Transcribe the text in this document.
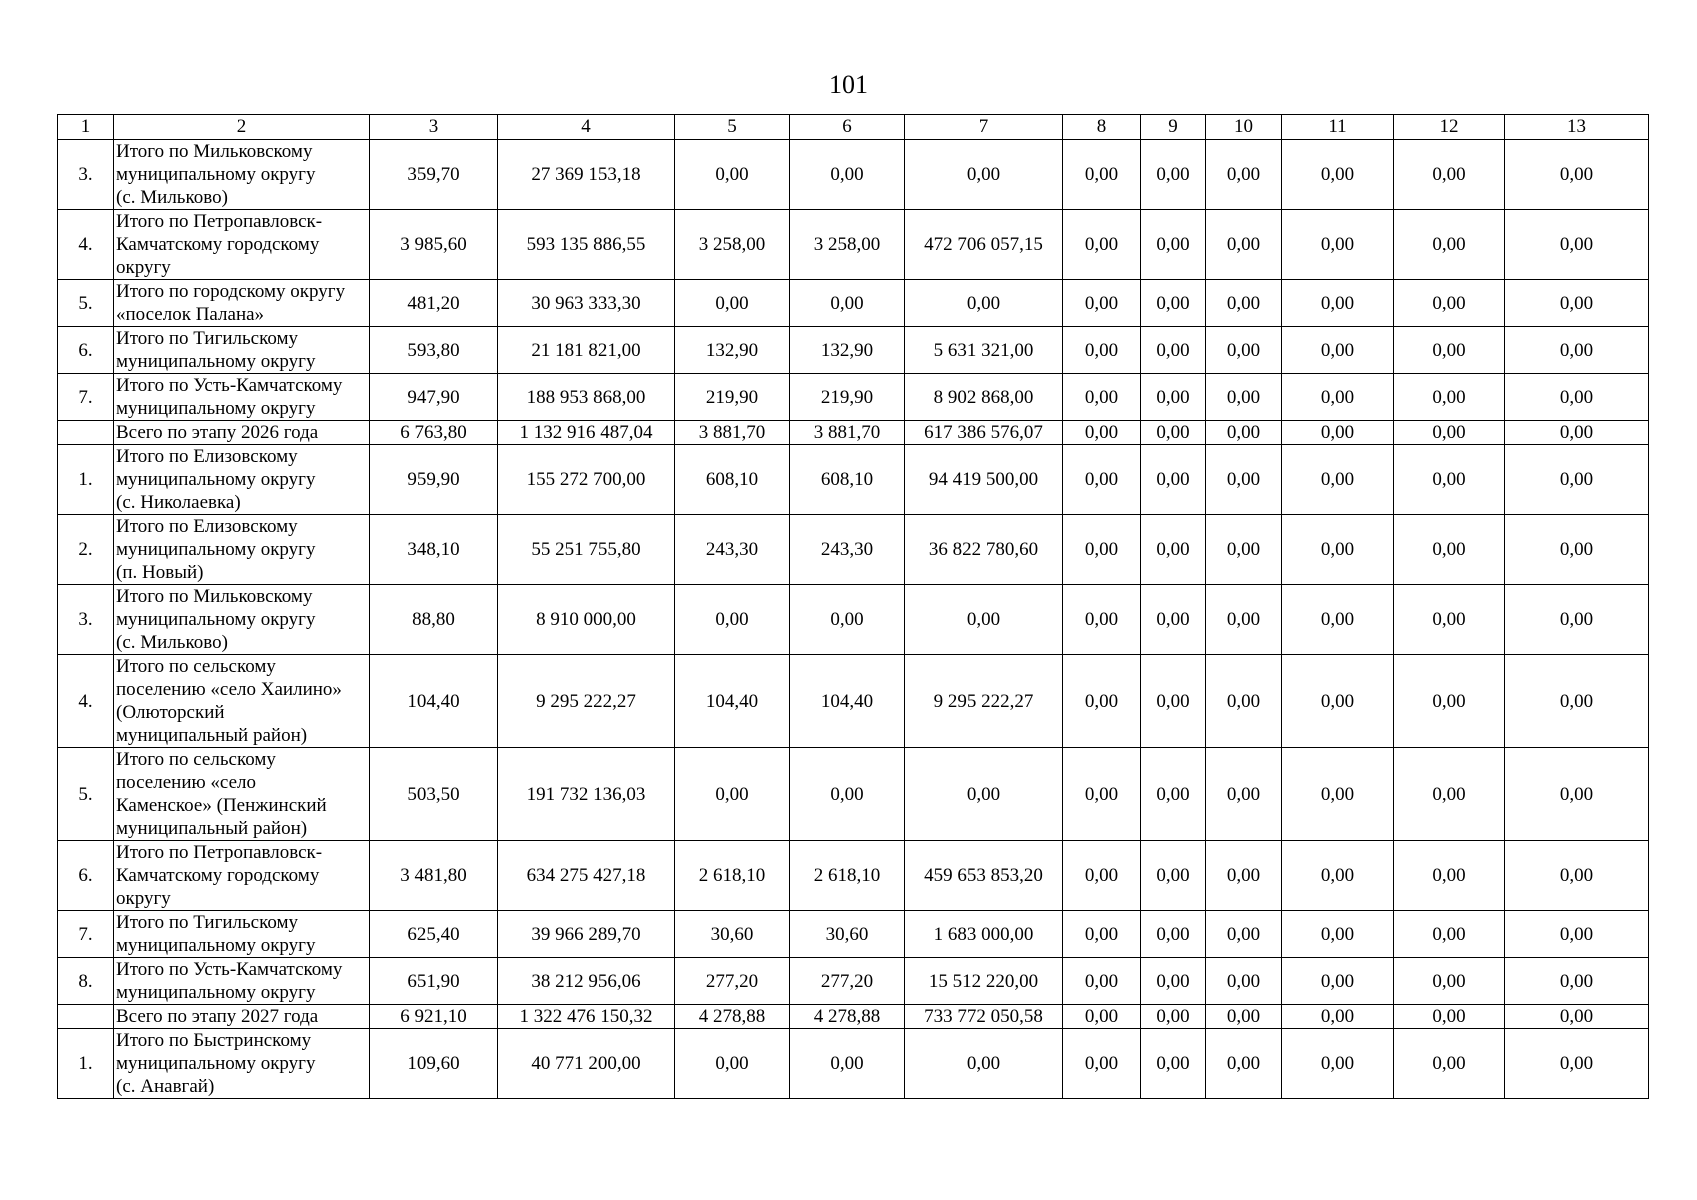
101
1	2	3	4	5	6	7	8	9	10	11	12	13
3.	Итого по Мильковскому
муниципальному округу
(с. Мильково)	359,70	27 369 153,18	0,00	0,00	0,00	0,00	0,00	0,00	0,00	0,00	0,00
4.	Итого по Петропавловск-
Камчатскому городскому
округу	3 985,60	593 135 886,55	3 258,00	3 258,00	472 706 057,15	0,00	0,00	0,00	0,00	0,00	0,00
5.	Итого по городскому округу
«поселок Палана»	481,20	30 963 333,30	0,00	0,00	0,00	0,00	0,00	0,00	0,00	0,00	0,00
6.	Итого по Тигильскому
муниципальному округу	593,80	21 181 821,00	132,90	132,90	5 631 321,00	0,00	0,00	0,00	0,00	0,00	0,00
7.	Итого по Усть-Камчатскому
муниципальному округу	947,90	188 953 868,00	219,90	219,90	8 902 868,00	0,00	0,00	0,00	0,00	0,00	0,00

	Всего по этапу 2026 года	6 763,80	1 132 916 487,04	3 881,70	3 881,70	617 386 576,07	0,00	0,00	0,00	0,00	0,00	0,00
1.	Итого по Елизовскому
муниципальному округу
(с. Николаевка)	959,90	155 272 700,00	608,10	608,10	94 419 500,00	0,00	0,00	0,00	0,00	0,00	0,00
2.	Итого по Елизовскому
муниципальному округу
(п. Новый)	348,10	55 251 755,80	243,30	243,30	36 822 780,60	0,00	0,00	0,00	0,00	0,00	0,00
3.	Итого по Мильковскому
муниципальному округу
(с. Мильково)	88,80	8 910 000,00	0,00	0,00	0,00	0,00	0,00	0,00	0,00	0,00	0,00
4.	Итого по сельскому
поселению «село Хаилино»
(Олюторский
муниципальный район)	104,40	9 295 222,27	104,40	104,40	9 295 222,27	0,00	0,00	0,00	0,00	0,00	0,00
5.	Итого по сельскому
поселению «село
Каменское» (Пенжинский
муниципальный район)	503,50	191 732 136,03	0,00	0,00	0,00	0,00	0,00	0,00	0,00	0,00	0,00
6.	Итого по Петропавловск-
Камчатскому городскому
округу	3 481,80	634 275 427,18	2 618,10	2 618,10	459 653 853,20	0,00	0,00	0,00	0,00	0,00	0,00
7.	Итого по Тигильскому
муниципальному округу	625,40	39 966 289,70	30,60	30,60	1 683 000,00	0,00	0,00	0,00	0,00	0,00	0,00
8.	Итого по Усть-Камчатскому
муниципальному округу	651,90	38 212 956,06	277,20	277,20	15 512 220,00	0,00	0,00	0,00	0,00	0,00	0,00

	Всего по этапу 2027 года	6 921,10	1 322 476 150,32	4 278,88	4 278,88	733 772 050,58	0,00	0,00	0,00	0,00	0,00	0,00
1.	Итого по Быстринскому
муниципальному округу
(с. Анавгай)	109,60	40 771 200,00	0,00	0,00	0,00	0,00	0,00	0,00	0,00	0,00	0,00
